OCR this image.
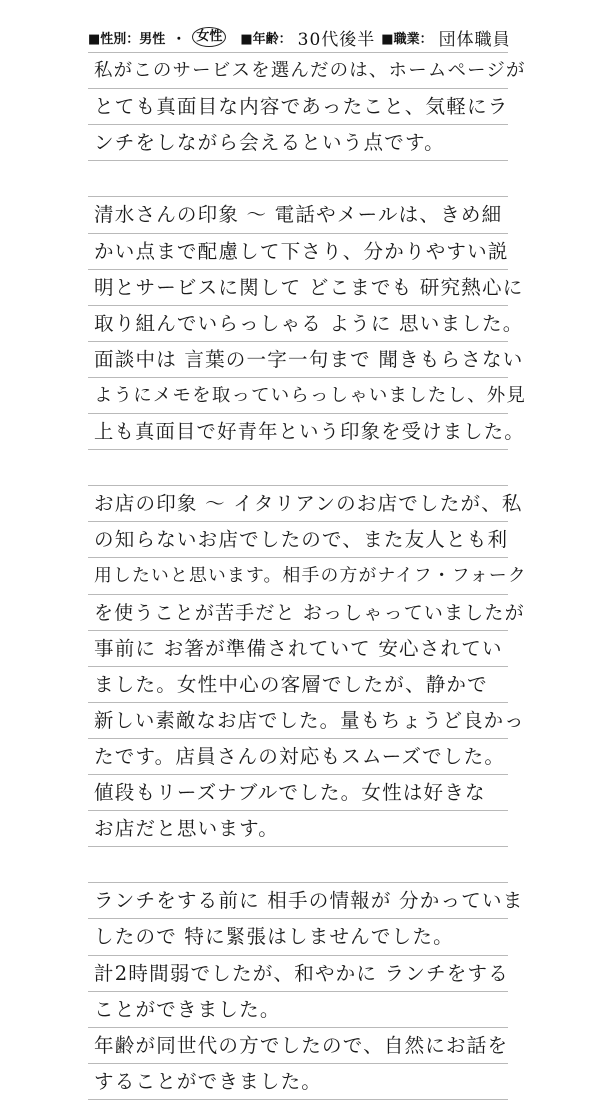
■性別： 男性 ・ 女性	■年齢： 30代後半 ■職業： 団体職員
私がこのサービスを選んだのは、ホームページが
とても真面目な内容であったこと、気軽にラ
ンチをしながら会えるという点です。
清水さんの印象 ～ 電話やメールは、きめ細
かい点まで配慮して下さり、分かりやすい説
明とサービスに関して どこまでも 研究熱心に
取り組んでいらっしゃる ように 思いました。
面談中は 言葉の一字一句まで 聞きもらさない
ようにメモを取っていらっしゃいましたし、外見
上も真面目で好青年という印象を受けました。
お店の印象 ～ イタリアンのお店でしたが、私
の知らないお店でしたので、また友人とも利
用したいと思います。相手の方がナイフ・フォーク
を使うことが苦手だと おっしゃっていましたが
事前に お箸が準備されていて 安心されてい
ました。女性中心の客層でしたが、静かで
新しい素敵なお店でした。量もちょうど良かっ
たです。店員さんの対応もスムーズでした。
値段もリーズナブルでした。女性は好きな
お店だと思います。
ランチをする前に 相手の情報が 分かっていま
したので 特に緊張はしませんでした。
計2時間弱でしたが、和やかに ランチをする
ことができました。
年齢が同世代の方でしたので、自然にお話を
することができました。
